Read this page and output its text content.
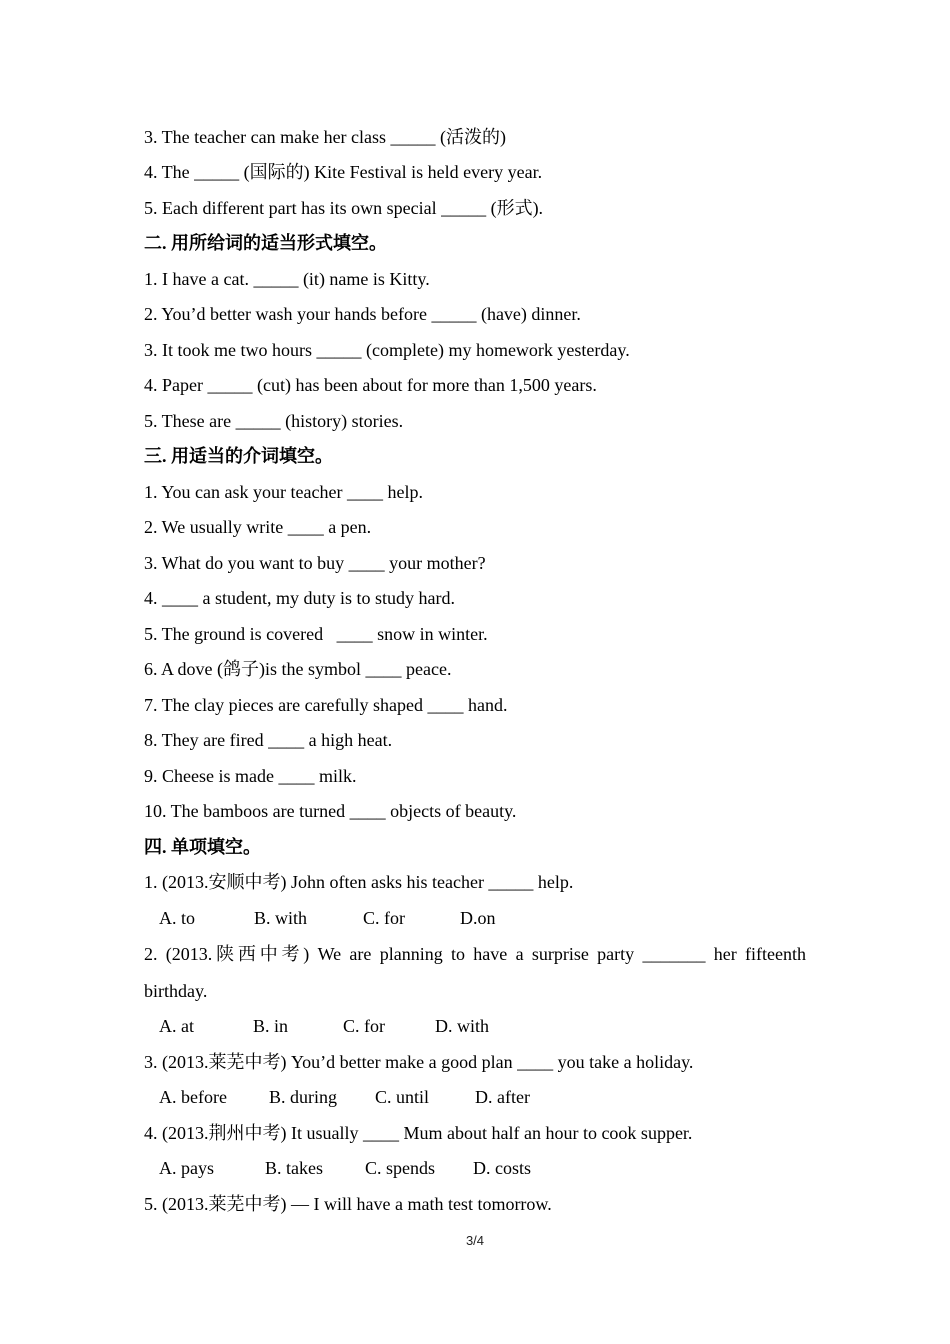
3. The teacher can make her class _____ (活泼的)
4. The _____ (国际的) Kite Festival is held every year.
5. Each different part has its own special _____ (形式).
二. 用所给词的适当形式填空。
1. I have a cat. _____ (it) name is Kitty.
2. You’d better wash your hands before _____ (have) dinner.
3. It took me two hours _____ (complete) my homework yesterday.
4. Paper _____ (cut) has been about for more than 1,500 years.
5. These are _____ (history) stories.
三. 用适当的介词填空。
1. You can ask your teacher ____ help.
2. We usually write ____ a pen.
3. What do you want to buy ____ your mother?
4. ____ a student, my duty is to study hard.
5. The ground is covered   ____ snow in winter.
6. A dove (鸽子)is the symbol ____ peace.
7. The clay pieces are carefully shaped ____ hand.
8. They are fired ____ a high heat.
9. Cheese is made ____ milk.
10. The bamboos are turned ____ objects of beauty.
四. 单项填空。
1. (2013.安顺中考) John often asks his teacher _____ help.
A. to	B. with	C. for	D.on
2. (2013.陕西中考) We are planning to have a surprise party _______ her fifteenth
birthday.
A. at	B. in	C. for	D. with
3. (2013.莱芜中考) You’d better make a good plan ____ you take a holiday.
A. before B. during C. until	D. after
4. (2013.荆州中考) It usually ____ Mum about half an hour to cook supper.
A. pays	B. takes C. spends D. costs
5. (2013.莱芜中考) — I will have a math test tomorrow.
3/4
